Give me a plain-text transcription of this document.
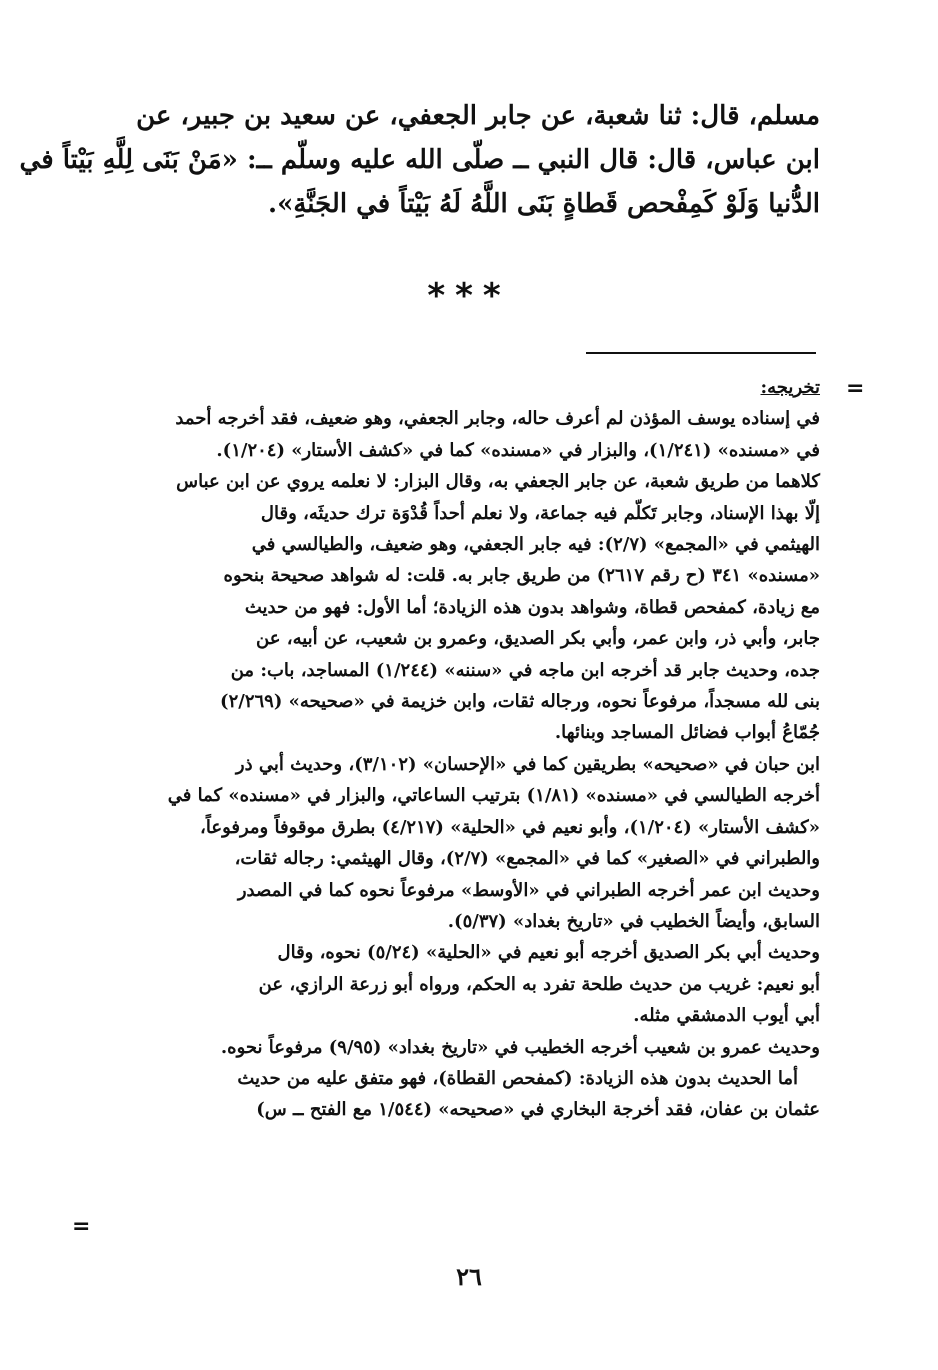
مسلم، قال: ثنا شعبة، عن جابر الجعفي، عن سعيد بن جبير، عن
ابن عباس، قال: قال النبي ــ صلّى الله عليه وسلّم ــ: «مَنْ بَنَى لِلَّهِ بَيْتاً في
الدُّنيا وَلَوْ كَمِفْحص قَطاةٍ بَنَى اللَّهُ لَهُ بَيْتاً في الجَنَّةِ».
***
=
تخريجه:
في إسناده يوسف المؤذن لم أعرف حاله، وجابر الجعفي، وهو ضعيف، فقد أخرجه أحمد
في «مسنده» (١/٢٤١)، والبزار في «مسنده» كما في «كشف الأستار» (١/٢٠٤).
كلاهما من طريق شعبة، عن جابر الجعفي به، وقال البزار: لا نعلمه يروي عن ابن عباس
إلّا بهذا الإسناد، وجابر تَكلّم فيه جماعة، ولا نعلم أحداً قُدْوَة ترك حديثَه، وقال
الهيثمي في «المجمع» (٢/٧): فيه جابر الجعفي، وهو ضعيف، والطيالسي في
«مسنده» ٣٤١ (ح رقم ٢٦١٧) من طريق جابر به. قلت: له شواهد صحيحة بنحوه
مع زيادة، كمفحص قطاة، وشواهد بدون هذه الزيادة؛ أما الأول: فهو من حديث
جابر، وأبي ذر، وابن عمر، وأبي بكر الصديق، وعمرو بن شعيب، عن أبيه، عن
جده، وحديث جابر قد أخرجه ابن ماجه في «سننه» (١/٢٤٤) المساجد، باب: من
بنى لله مسجداً، مرفوعاً نحوه، ورجاله ثقات، وابن خزيمة في «صحيحه» (٢/٢٦٩)
جُمّاعُ أبواب فضائل المساجد وبنائها.
ابن حبان في «صحيحه» بطريقين كما في «الإحسان» (٣/١٠٢)، وحديث أبي ذر
أخرجه الطيالسي في «مسنده» (١/٨١) بترتيب الساعاتي، والبزار في «مسنده» كما في
«كشف الأستار» (١/٢٠٤)، وأبو نعيم في «الحلية» (٤/٢١٧) بطرق موقوفاً ومرفوعاً،
والطبراني في «الصغير» كما في «المجمع» (٢/٧)، وقال الهيثمي: رجاله ثقات،
وحديث ابن عمر أخرجه الطبراني في «الأوسط» مرفوعاً نحوه كما في المصدر
السابق، وأيضاً الخطيب في «تاريخ بغداد» (٥/٣٧).
وحديث أبي بكر الصديق أخرجه أبو نعيم في «الحلية» (٥/٢٤) نحوه، وقال
أبو نعيم: غريب من حديث طلحة تفرد به الحكم، ورواه أبو زرعة الرازي، عن
أبي أيوب الدمشقي مثله.
وحديث عمرو بن شعيب أخرجه الخطيب في «تاريخ بغداد» (٩/٩٥) مرفوعاً نحوه.
أما الحديث بدون هذه الزيادة: (كمفحص القطاة)، فهو متفق عليه من حديث
عثمان بن عفان، فقد أخرجة البخاري في «صحيحه» (١/٥٤٤ مع الفتح ــ س)
=
٢٦
